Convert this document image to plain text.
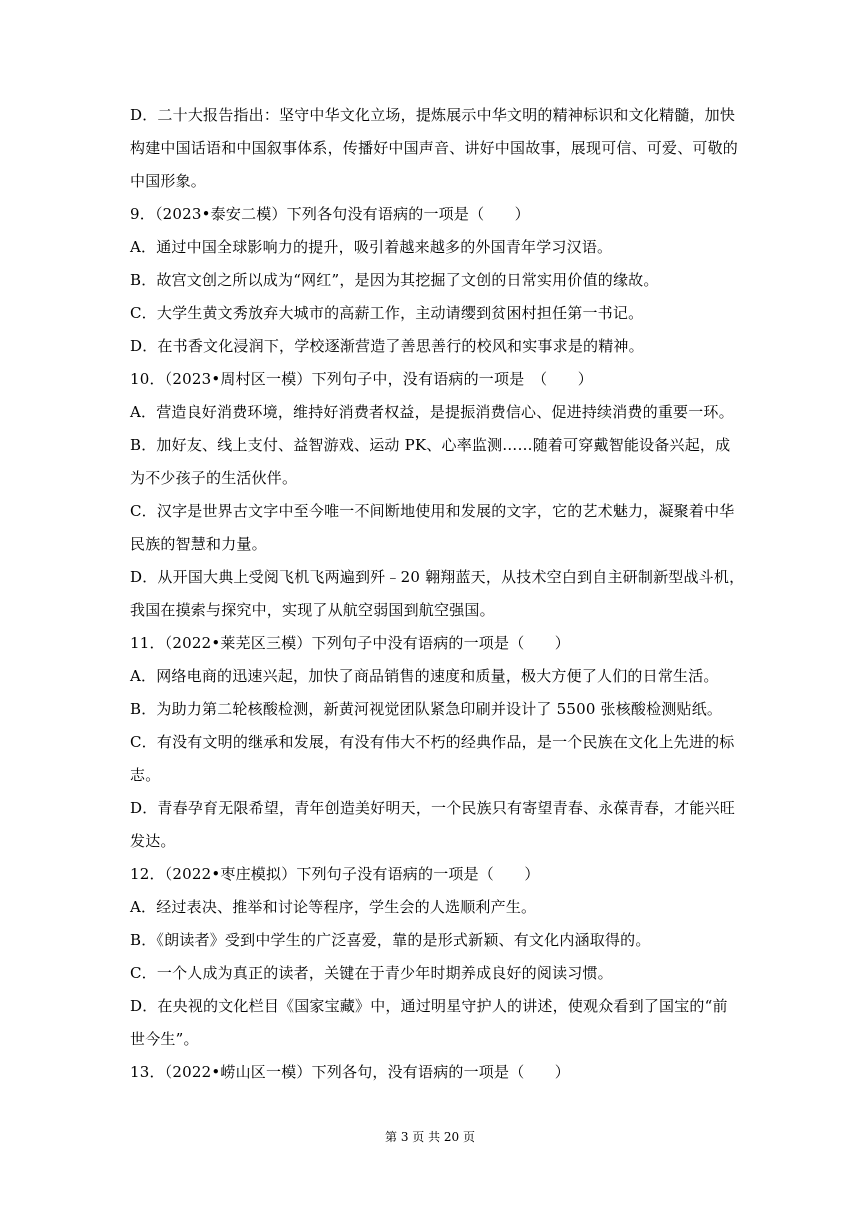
D．二十大报告指出：坚守中华文化立场，提炼展示中华文明的精神标识和文化精髓，加快
构建中国话语和中国叙事体系，传播好中国声音、讲好中国故事，展现可信、可爱、可敬的
中国形象。
9．（2023•泰安二模）下列各句没有语病的一项是（　　）
A．通过中国全球影响力的提升，吸引着越来越多的外国青年学习汉语。
B．故宫文创之所以成为“网红”，是因为其挖掘了文创的日常实用价值的缘故。
C．大学生黄文秀放弃大城市的高薪工作，主动请缨到贫困村担任第一书记。
D．在书香文化浸润下，学校逐渐营造了善思善行的校风和实事求是的精神。
10．（2023•周村区一模）下列句子中，没有语病的一项是　（　　）
A．营造良好消费环境，维持好消费者权益，是提振消费信心、促进持续消费的重要一环。
B．加好友、线上支付、益智游戏、运动 PK、心率监测……随着可穿戴智能设备兴起，成
为不少孩子的生活伙伴。
C．汉字是世界古文字中至今唯一不间断地使用和发展的文字，它的艺术魅力，凝聚着中华
民族的智慧和力量。
D．从开国大典上受阅飞机飞两遍到歼﹣20 翱翔蓝天，从技术空白到自主研制新型战斗机，
我国在摸索与探究中，实现了从航空弱国到航空强国。
11．（2022•莱芜区三模）下列句子中没有语病的一项是（　　）
A．网络电商的迅速兴起，加快了商品销售的速度和质量，极大方便了人们的日常生活。
B．为助力第二轮核酸检测，新黄河视觉团队紧急印刷并设计了 5500 张核酸检测贴纸。
C．有没有文明的继承和发展，有没有伟大不朽的经典作品，是一个民族在文化上先进的标
志。
D．青春孕育无限希望，青年创造美好明天，一个民族只有寄望青春、永葆青春，才能兴旺
发达。
12．（2022•枣庄模拟）下列句子没有语病的一项是（　　）
A．经过表决、推举和讨论等程序，学生会的人选顺利产生。
B．《朗读者》受到中学生的广泛喜爱，靠的是形式新颖、有文化内涵取得的。
C．一个人成为真正的读者，关键在于青少年时期养成良好的阅读习惯。
D．在央视的文化栏目《国家宝藏》中，通过明星守护人的讲述，使观众看到了国宝的“前
世今生”。
13．（2022•崂山区一模）下列各句，没有语病的一项是（　　）
第 3 页 共 20 页
